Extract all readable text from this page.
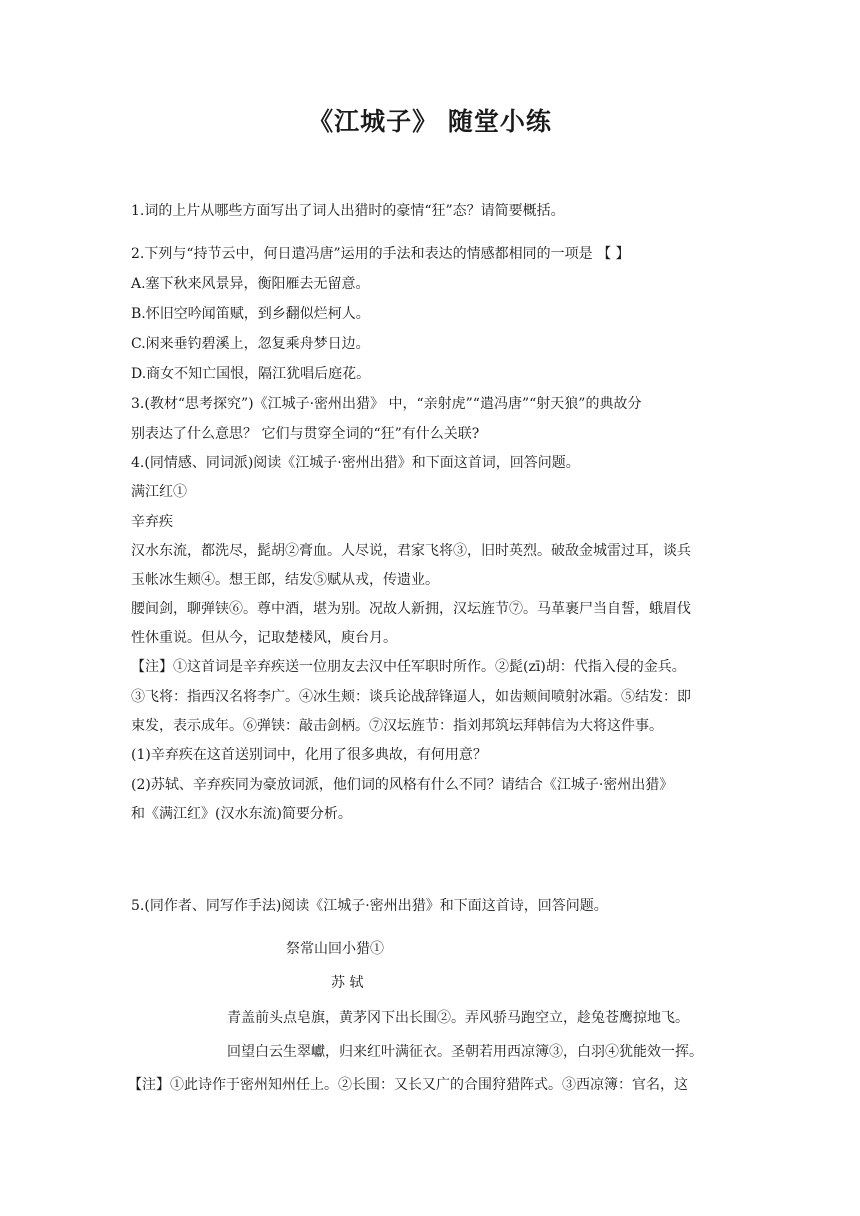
《江城子》 随堂小练

1.词的上片从哪些方面写出了词人出猎时的豪情“狂”态？请简要概括。

2.下列与“持节云中，何日遣冯唐”运用的手法和表达的情感都相同的一项是 【 】

A.塞下秋来风景异，衡阳雁去无留意。

B.怀旧空吟闻笛赋，到乡翻似烂柯人。

C.闲来垂钓碧溪上，忽复乘舟梦日边。

D.商女不知亡国恨，隔江犹唱后庭花。

3.(教材“思考探究”)《江城子·密州出猎》 中，“亲射虎”“遣冯唐”“射天狼”的典故分

别表达了什么意思？ 它们与贯穿全词的“狂”有什么关联?

4.(同情感、同词派)阅读《江城子·密州出猎》和下面这首词，回答问题。

满江红①

辛弃疾

汉水东流，都洗尽，髭胡②膏血。人尽说，君家飞将③，旧时英烈。破敌金城雷过耳，谈兵

玉帐冰生颊④。想王郎，结发⑤赋从戎，传遗业。

腰间剑，聊弹铗⑥。尊中酒，堪为别。况故人新拥，汉坛旌节⑦。马革裹尸当自誓，蛾眉伐

性休重说。但从今，记取楚楼风，庾台月。

【注】①这首词是辛弃疾送一位朋友去汉中任军职时所作。②髭(zī)胡：代指入侵的金兵。

③飞将：指西汉名将李广。④冰生颊：谈兵论战辞锋逼人，如齿颊间喷射冰霜。⑤结发：即

束发，表示成年。⑥弹铗：敲击剑柄。⑦汉坛旌节：指刘邦筑坛拜韩信为大将这件事。

(1)辛弃疾在这首送别词中，化用了很多典故，有何用意？

(2)苏轼、辛弃疾同为豪放词派，他们词的风格有什么不同？请结合《江城子·密州出猎》

和《满江红》(汉水东流)简要分析。

5.(同作者、同写作手法)阅读《江城子·密州出猎》和下面这首诗，回答问题。

祭常山回小猎①

苏 轼

青盖前头点皂旗，黄茅冈下出长围②。弄风骄马跑空立，趁兔苍鹰掠地飞。

回望白云生翠巘，归来红叶满征衣。圣朝若用西凉簿③，白羽④犹能效一挥。

【注】①此诗作于密州知州任上。②长围：又长又广的合围狩猎阵式。③西凉簿：官名，这
